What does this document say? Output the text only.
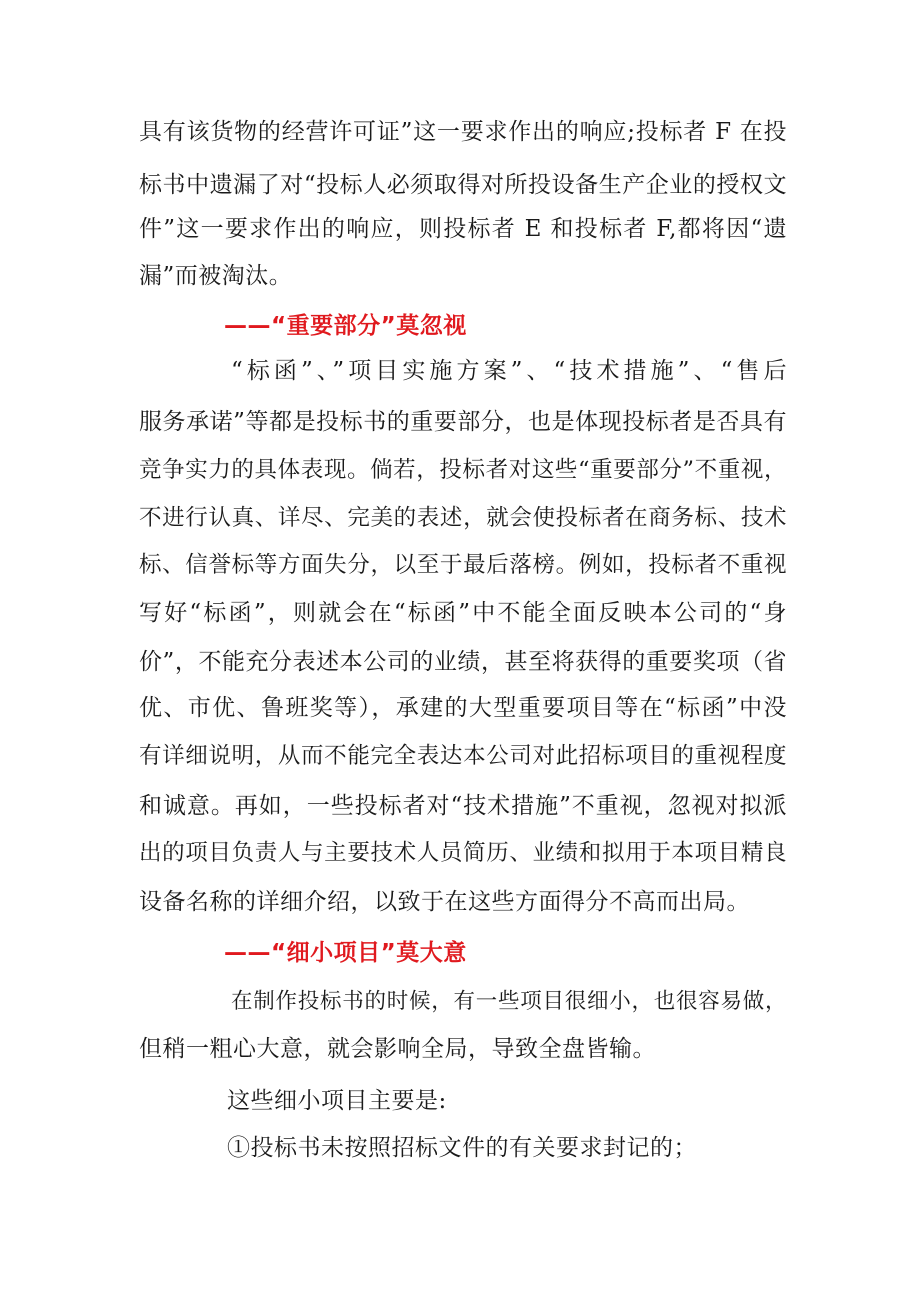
具有该货物的经营许可证”这一要求作出的响应;投标者 F 在投
标书中遗漏了对“投标人必须取得对所投设备生产企业的授权文
件”这一要求作出的响应，则投标者 E 和投标者 F,都将因“遗
漏”而被淘汰。
——“重要部分”莫忽视
“标函”、”项目实施方案”、“技术措施”、“售后
服务承诺”等都是投标书的重要部分，也是体现投标者是否具有
竞争实力的具体表现。倘若，投标者对这些“重要部分”不重视，
不进行认真、详尽、完美的表述，就会使投标者在商务标、技术
标、信誉标等方面失分，以至于最后落榜。例如，投标者不重视
写好“标函”，则就会在“标函”中不能全面反映本公司的“身
价”，不能充分表述本公司的业绩，甚至将获得的重要奖项（省
优、市优、鲁班奖等），承建的大型重要项目等在“标函”中没
有详细说明，从而不能完全表达本公司对此招标项目的重视程度
和诚意。再如，一些投标者对“技术措施”不重视，忽视对拟派
出的项目负责人与主要技术人员简历、业绩和拟用于本项目精良
设备名称的详细介绍，以致于在这些方面得分不高而出局。
——“细小项目”莫大意
在制作投标书的时候，有一些项目很细小，也很容易做，
但稍一粗心大意，就会影响全局，导致全盘皆输。
这些细小项目主要是:
①投标书未按照招标文件的有关要求封记的；
